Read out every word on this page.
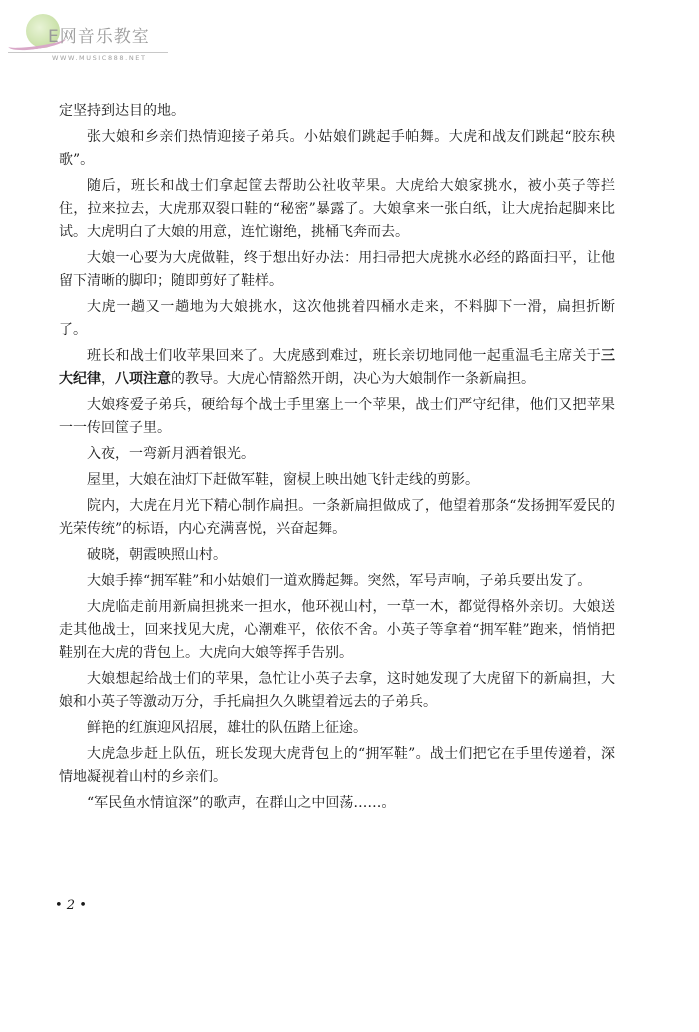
E网音乐教室
WWW.MUSIC888.NET

定坚持到达目的地。

张大娘和乡亲们热情迎接子弟兵。小姑娘们跳起手帕舞。大虎和战友们跳起“胶东秧歌”。

随后，班长和战士们拿起筐去帮助公社收苹果。大虎给大娘家挑水，被小英子等拦住，拉来拉去，大虎那双裂口鞋的“秘密”暴露了。大娘拿来一张白纸，让大虎抬起脚来比试。大虎明白了大娘的用意，连忙谢绝，挑桶飞奔而去。

大娘一心要为大虎做鞋，终于想出好办法：用扫帚把大虎挑水必经的路面扫平，让他留下清晰的脚印；随即剪好了鞋样。

大虎一趟又一趟地为大娘挑水，这次他挑着四桶水走来，不料脚下一滑，扁担折断了。

班长和战士们收苹果回来了。大虎感到难过，班长亲切地同他一起重温毛主席关于三大纪律，八项注意的教导。大虎心情豁然开朗，决心为大娘制作一条新扁担。

大娘疼爱子弟兵，硬给每个战士手里塞上一个苹果，战士们严守纪律，他们又把苹果一一传回筐子里。

入夜，一弯新月洒着银光。

屋里，大娘在油灯下赶做军鞋，窗棂上映出她飞针走线的剪影。

院内，大虎在月光下精心制作扁担。一条新扁担做成了，他望着那条“发扬拥军爱民的光荣传统”的标语，内心充满喜悦，兴奋起舞。

破晓，朝霞映照山村。

大娘手捧“拥军鞋”和小姑娘们一道欢腾起舞。突然，军号声响，子弟兵要出发了。

大虎临走前用新扁担挑来一担水，他环视山村，一草一木，都觉得格外亲切。大娘送走其他战士，回来找见大虎，心潮难平，依依不舍。小英子等拿着“拥军鞋”跑来，悄悄把鞋别在大虎的背包上。大虎向大娘等挥手告别。

大娘想起给战士们的苹果，急忙让小英子去拿，这时她发现了大虎留下的新扁担，大娘和小英子等激动万分，手托扁担久久眺望着远去的子弟兵。

鲜艳的红旗迎风招展，雄壮的队伍踏上征途。

大虎急步赶上队伍，班长发现大虎背包上的“拥军鞋”。战士们把它在手里传递着，深情地凝视着山村的乡亲们。

“军民鱼水情谊深”的歌声，在群山之中回荡……。

• 2 •
